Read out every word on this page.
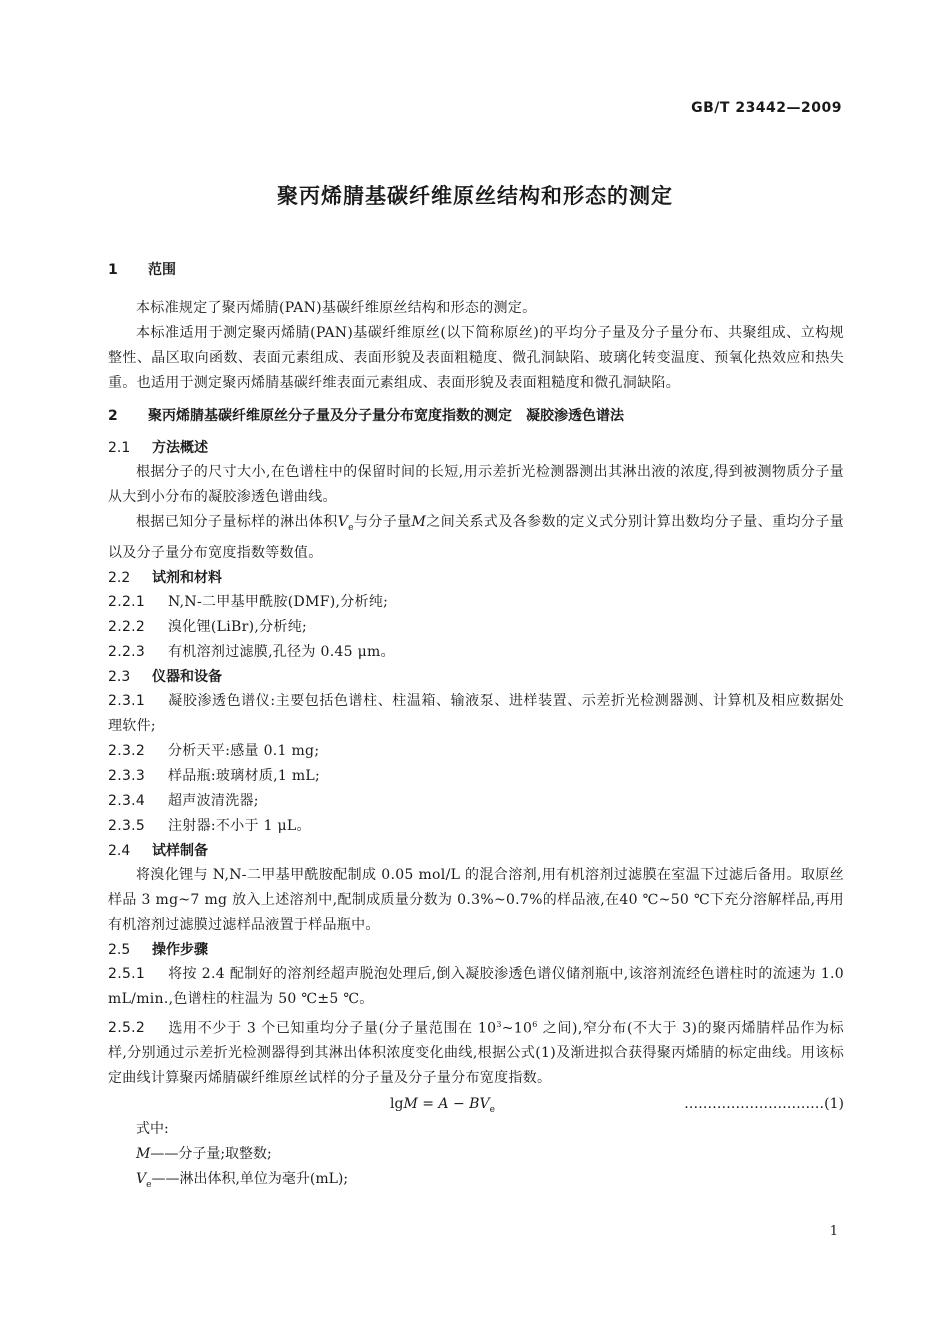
GB/T 23442—2009
聚丙烯腈基碳纤维原丝结构和形态的测定
1 范围
本标准规定了聚丙烯腈(PAN)基碳纤维原丝结构和形态的测定。
本标准适用于测定聚丙烯腈(PAN)基碳纤维原丝(以下简称原丝)的平均分子量及分子量分布、共聚组成、立构规整性、晶区取向函数、表面元素组成、表面形貌及表面粗糙度、微孔洞缺陷、玻璃化转变温度、预氧化热效应和热失重。也适用于测定聚丙烯腈基碳纤维表面元素组成、表面形貌及表面粗糙度和微孔洞缺陷。
2 聚丙烯腈基碳纤维原丝分子量及分子量分布宽度指数的测定　凝胶渗透色谱法
2.1 方法概述
根据分子的尺寸大小,在色谱柱中的保留时间的长短,用示差折光检测器测出其淋出液的浓度,得到被测物质分子量从大到小分布的凝胶渗透色谱曲线。
根据已知分子量标样的淋出体积$V_e$与分子量M之间关系式及各参数的定义式分别计算出数均分子量、重均分子量以及分子量分布宽度指数等数值。
2.2 试剂和材料
2.2.1 N,N-二甲基甲酰胺(DMF),分析纯;
2.2.2 溴化锂(LiBr),分析纯;
2.2.3 有机溶剂过滤膜,孔径为 0.45 μm。
2.3 仪器和设备
2.3.1 凝胶渗透色谱仪:主要包括色谱柱、柱温箱、输液泵、进样装置、示差折光检测器测、计算机及相应数据处理软件;
2.3.2 分析天平:感量 0.1 mg;
2.3.3 样品瓶:玻璃材质,1 mL;
2.3.4 超声波清洗器;
2.3.5 注射器:不小于 1 μL。
2.4 试样制备
将溴化锂与 N,N-二甲基甲酰胺配制成 0.05 mol/L 的混合溶剂,用有机溶剂过滤膜在室温下过滤后备用。取原丝样品 3 mg~7 mg 放入上述溶剂中,配制成质量分数为 0.3%~0.7%的样品液,在40 ℃~50 ℃下充分溶解样品,再用有机溶剂过滤膜过滤样品液置于样品瓶中。
2.5 操作步骤
2.5.1 将按 2.4 配制好的溶剂经超声脱泡处理后,倒入凝胶渗透色谱仪储剂瓶中,该溶剂流经色谱柱时的流速为 1.0 mL/min.,色谱柱的柱温为 50 ℃±5 ℃。
2.5.2 选用不少于 3 个已知重均分子量(分子量范围在 $10^3\sim 10^6$ 之间),窄分布(不大于 3)的聚丙烯腈样品作为标样,分别通过示差折光检测器得到其淋出体积浓度变化曲线,根据公式(1)及渐进拟合获得聚丙烯腈的标定曲线。用该标定曲线计算聚丙烯腈碳纤维原丝试样的分子量及分子量分布宽度指数。
$\lg M = A - BV_e$	…………………………(1)
式中:
M——分子量;取整数;
$V_e——$淋出体积,单位为毫升(mL);
1
